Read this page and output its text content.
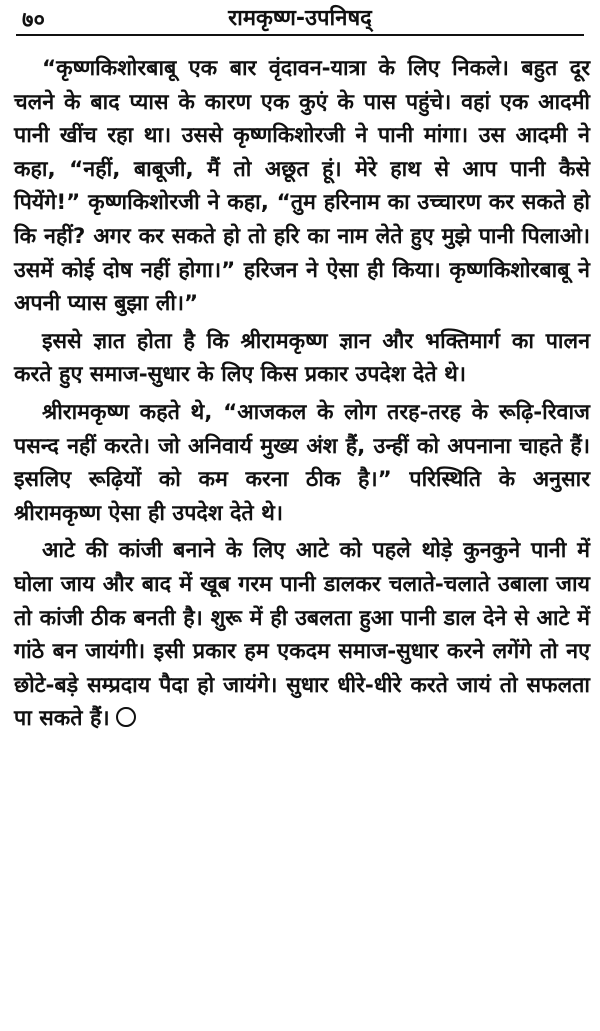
७०	रामकृष्ण-उपनिषद्

“कृष्णकिशोरबाबू एक बार वृंदावन-यात्रा के लिए निकले। बहुत दूर चलने के बाद प्यास के कारण एक कुएं के पास पहुंचे। वहां एक आदमी पानी खींच रहा था। उससे कृष्णकिशोरजी ने पानी मांगा। उस आदमी ने कहा, “नहीं, बाबूजी, मैं तो अछूत हूं। मेरे हाथ से आप पानी कैसे पियेंगे!” कृष्णकिशोरजी ने कहा, “तुम हरिनाम का उच्चारण कर सकते हो कि नहीं? अगर कर सकते हो तो हरि का नाम लेते हुए मुझे पानी पिलाओ। उसमें कोई दोष नहीं होगा।” हरिजन ने ऐसा ही किया। कृष्णकिशोरबाबू ने अपनी प्यास बुझा ली।”

इससे ज्ञात होता है कि श्रीरामकृष्ण ज्ञान और भक्तिमार्ग का पालन करते हुए समाज-सुधार के लिए किस प्रकार उपदेश देते थे।

श्रीरामकृष्ण कहते थे, “आजकल के लोग तरह-तरह के रूढ़ि-रिवाज पसन्द नहीं करते। जो अनिवार्य मुख्य अंश हैं, उन्हीं को अपनाना चाहते हैं। इसलिए रूढ़ियों को कम करना ठीक है।” परिस्थिति के अनुसार श्रीरामकृष्ण ऐसा ही उपदेश देते थे।

आटे की कांजी बनाने के लिए आटे को पहले थोड़े कुनकुने पानी में घोला जाय और बाद में खूब गरम पानी डालकर चलाते-चलाते उबाला जाय तो कांजी ठीक बनती है। शुरू में ही उबलता हुआ पानी डाल देने से आटे में गांठे बन जायंगी। इसी प्रकार हम एकदम समाज-सुधार करने लगेंगे तो नए छोटे-बड़े सम्प्रदाय पैदा हो जायंगे। सुधार धीरे-धीरे करते जायं तो सफलता पा सकते हैं।
